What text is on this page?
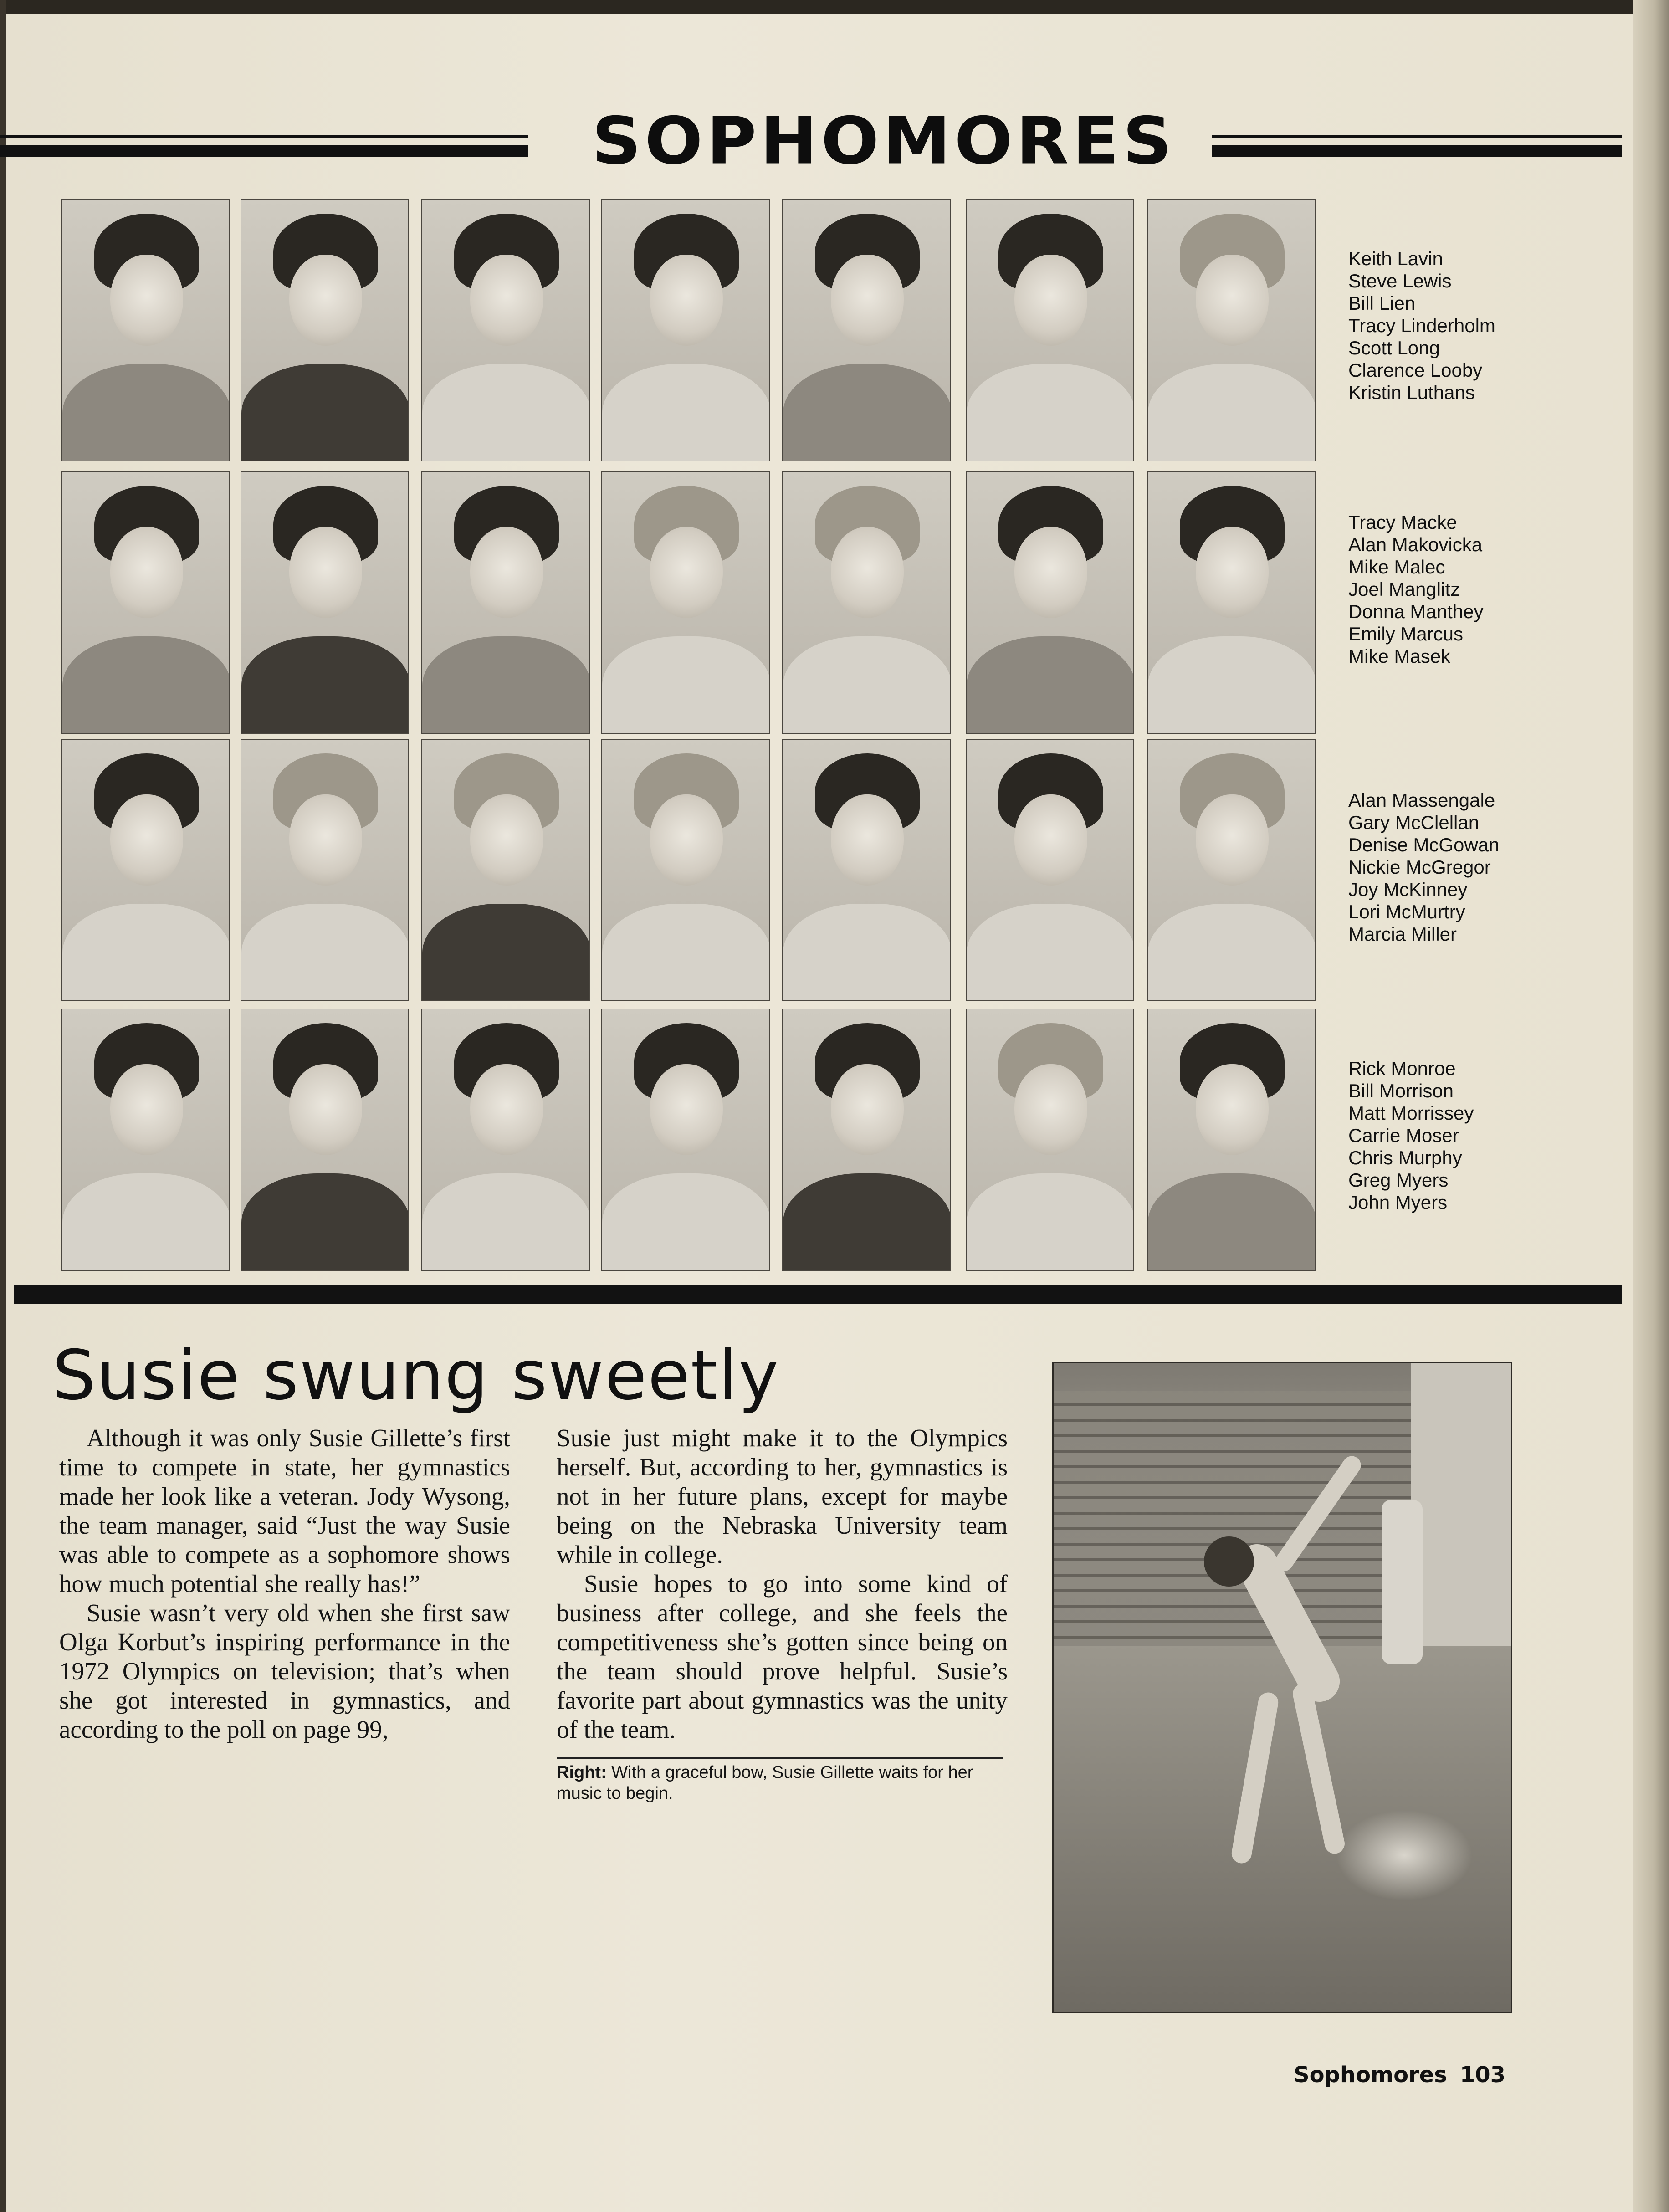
SOPHOMORES
Keith Lavin
Steve Lewis
Bill Lien
Tracy Linderholm
Scott Long
Clarence Looby
Kristin Luthans
Tracy Macke
Alan Makovicka
Mike Malec
Joel Manglitz
Donna Manthey
Emily Marcus
Mike Masek
Alan Massengale
Gary McClellan
Denise McGowan
Nickie McGregor
Joy McKinney
Lori McMurtry
Marcia Miller
Rick Monroe
Bill Morrison
Matt Morrissey
Carrie Moser
Chris Murphy
Greg Myers
John Myers
Susie swung sweetly

Although it was only Susie Gillette’s first time to compete in state, her gymnastics made her look like a veteran. Jody Wysong, the team manager, said “Just the way Susie was able to compete as a sophomore shows how much potential she really has!”

Susie wasn’t very old when she first saw Olga Korbut’s inspiring performance in the 1972 Olympics on television; that’s when she got interested in gymnastics, and according to the poll on page 99,

Susie just might make it to the Olympics herself. But, according to her, gymnastics is not in her future plans, except for maybe being on the Nebraska University team while in college.

Susie hopes to go into some kind of business after college, and she feels the competitiveness she’s gotten since being on the team should prove helpful. Susie’s favorite part about gymnastics was the unity of the team.

Right: With a graceful bow, Susie Gillette waits for her music to begin.
Sophomores 103
